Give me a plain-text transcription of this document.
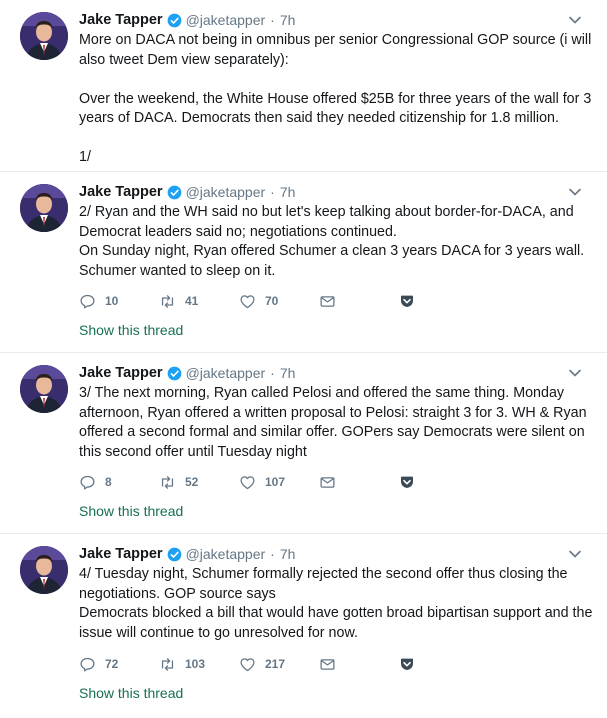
Jake Tapper @jaketapper · 7h

More on DACA not being in omnibus per senior Congressional GOP source (i will also tweet Dem view separately):

Over the weekend, the White House offered $25B for three years of the wall for 3 years of DACA. Democrats then said they needed citizenship for 1.8 million.

1/

Jake Tapper @jaketapper · 7h

2/ Ryan and the WH said no but let's keep talking about border-for-DACA, and Democrat leaders said no; negotiations continued.

On Sunday night, Ryan offered Schumer a clean 3 years DACA for 3 years wall. Schumer wanted to sleep on it.

10	41	70
Show this thread
Jake Tapper @jaketapper · 7h

3/ The next morning, Ryan called Pelosi and offered the same thing. Monday afternoon, Ryan offered a written proposal to Pelosi: straight 3 for 3. WH & Ryan offered a second formal and similar offer. GOPers say Democrats were silent on this second offer until Tuesday night

8	52	107
Show this thread
Jake Tapper @jaketapper · 7h

4/ Tuesday night, Schumer formally rejected the second offer thus closing the negotiations. GOP source says

Democrats blocked a bill that would have gotten broad bipartisan support and the issue will continue to go unresolved for now.

72	103	217
Show this thread
